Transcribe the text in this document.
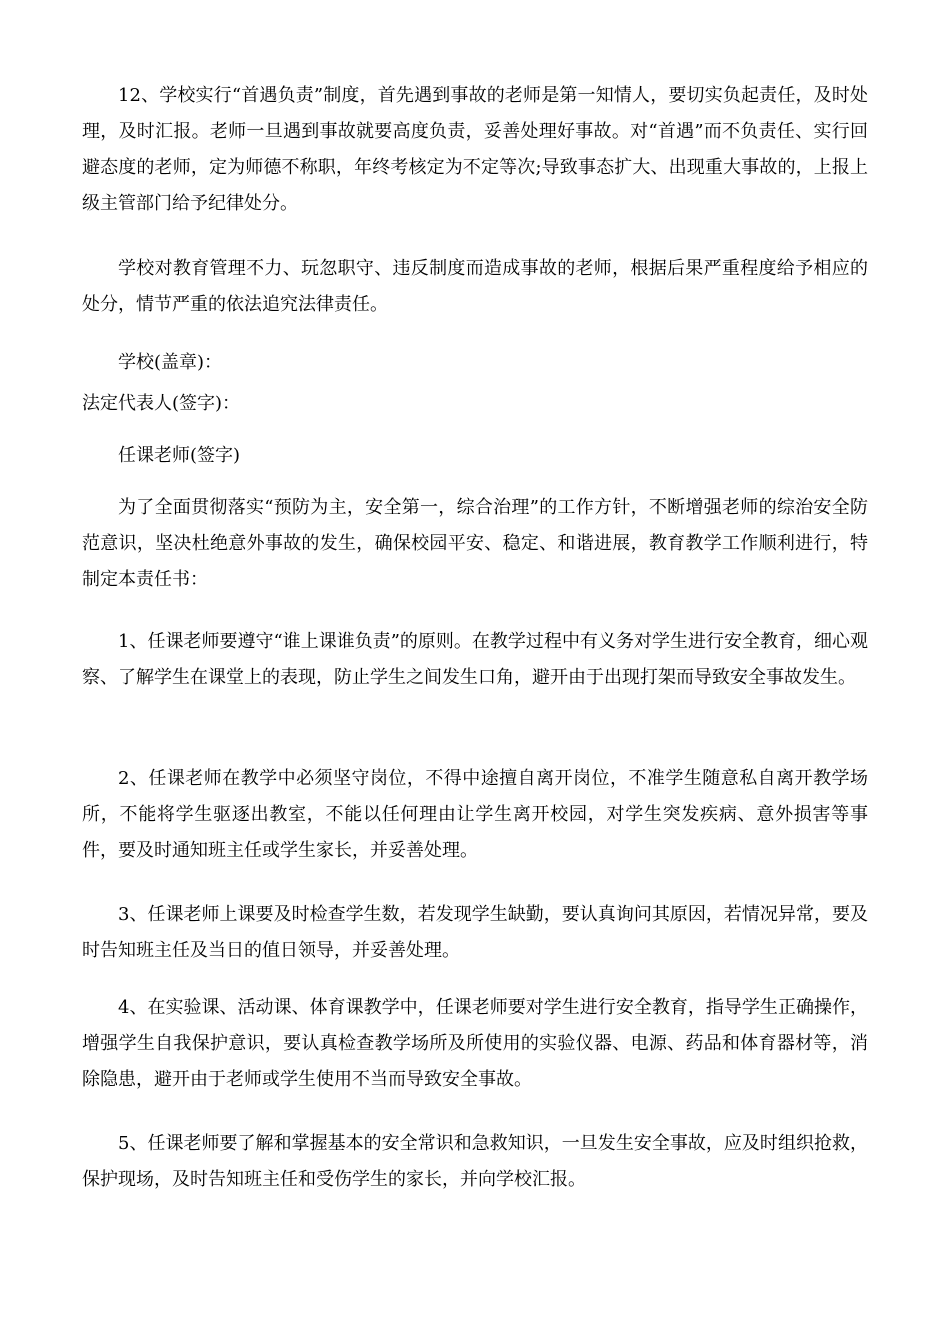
12、学校实行“首遇负责”制度，首先遇到事故的老师是第一知情人，要切实负起责任，及时处理，及时汇报。老师一旦遇到事故就要高度负责，妥善处理好事故。对“首遇”而不负责任、实行回避态度的老师，定为师德不称职，年终考核定为不定等次;导致事态扩大、出现重大事故的，上报上级主管部门给予纪律处分。

学校对教育管理不力、玩忽职守、违反制度而造成事故的老师，根据后果严重程度给予相应的处分，情节严重的依法追究法律责任。

学校(盖章)：

法定代表人(签字)：

任课老师(签字)

为了全面贯彻落实“预防为主，安全第一，综合治理”的工作方针，不断增强老师的综治安全防范意识，坚决杜绝意外事故的发生，确保校园平安、稳定、和谐进展，教育教学工作顺利进行，特制定本责任书：

1、任课老师要遵守“谁上课谁负责”的原则。在教学过程中有义务对学生进行安全教育，细心观察、了解学生在课堂上的表现，防止学生之间发生口角，避开由于出现打架而导致安全事故发生。

2、任课老师在教学中必须坚守岗位，不得中途擅自离开岗位，不准学生随意私自离开教学场所，不能将学生驱逐出教室，不能以任何理由让学生离开校园，对学生突发疾病、意外损害等事件，要及时通知班主任或学生家长，并妥善处理。

3、任课老师上课要及时检查学生数，若发现学生缺勤，要认真询问其原因，若情况异常，要及时告知班主任及当日的值日领导，并妥善处理。

4、在实验课、活动课、体育课教学中，任课老师要对学生进行安全教育，指导学生正确操作，增强学生自我保护意识，要认真检查教学场所及所使用的实验仪器、电源、药品和体育器材等，消除隐患，避开由于老师或学生使用不当而导致安全事故。

5、任课老师要了解和掌握基本的安全常识和急救知识，一旦发生安全事故，应及时组织抢救，保护现场，及时告知班主任和受伤学生的家长，并向学校汇报。
